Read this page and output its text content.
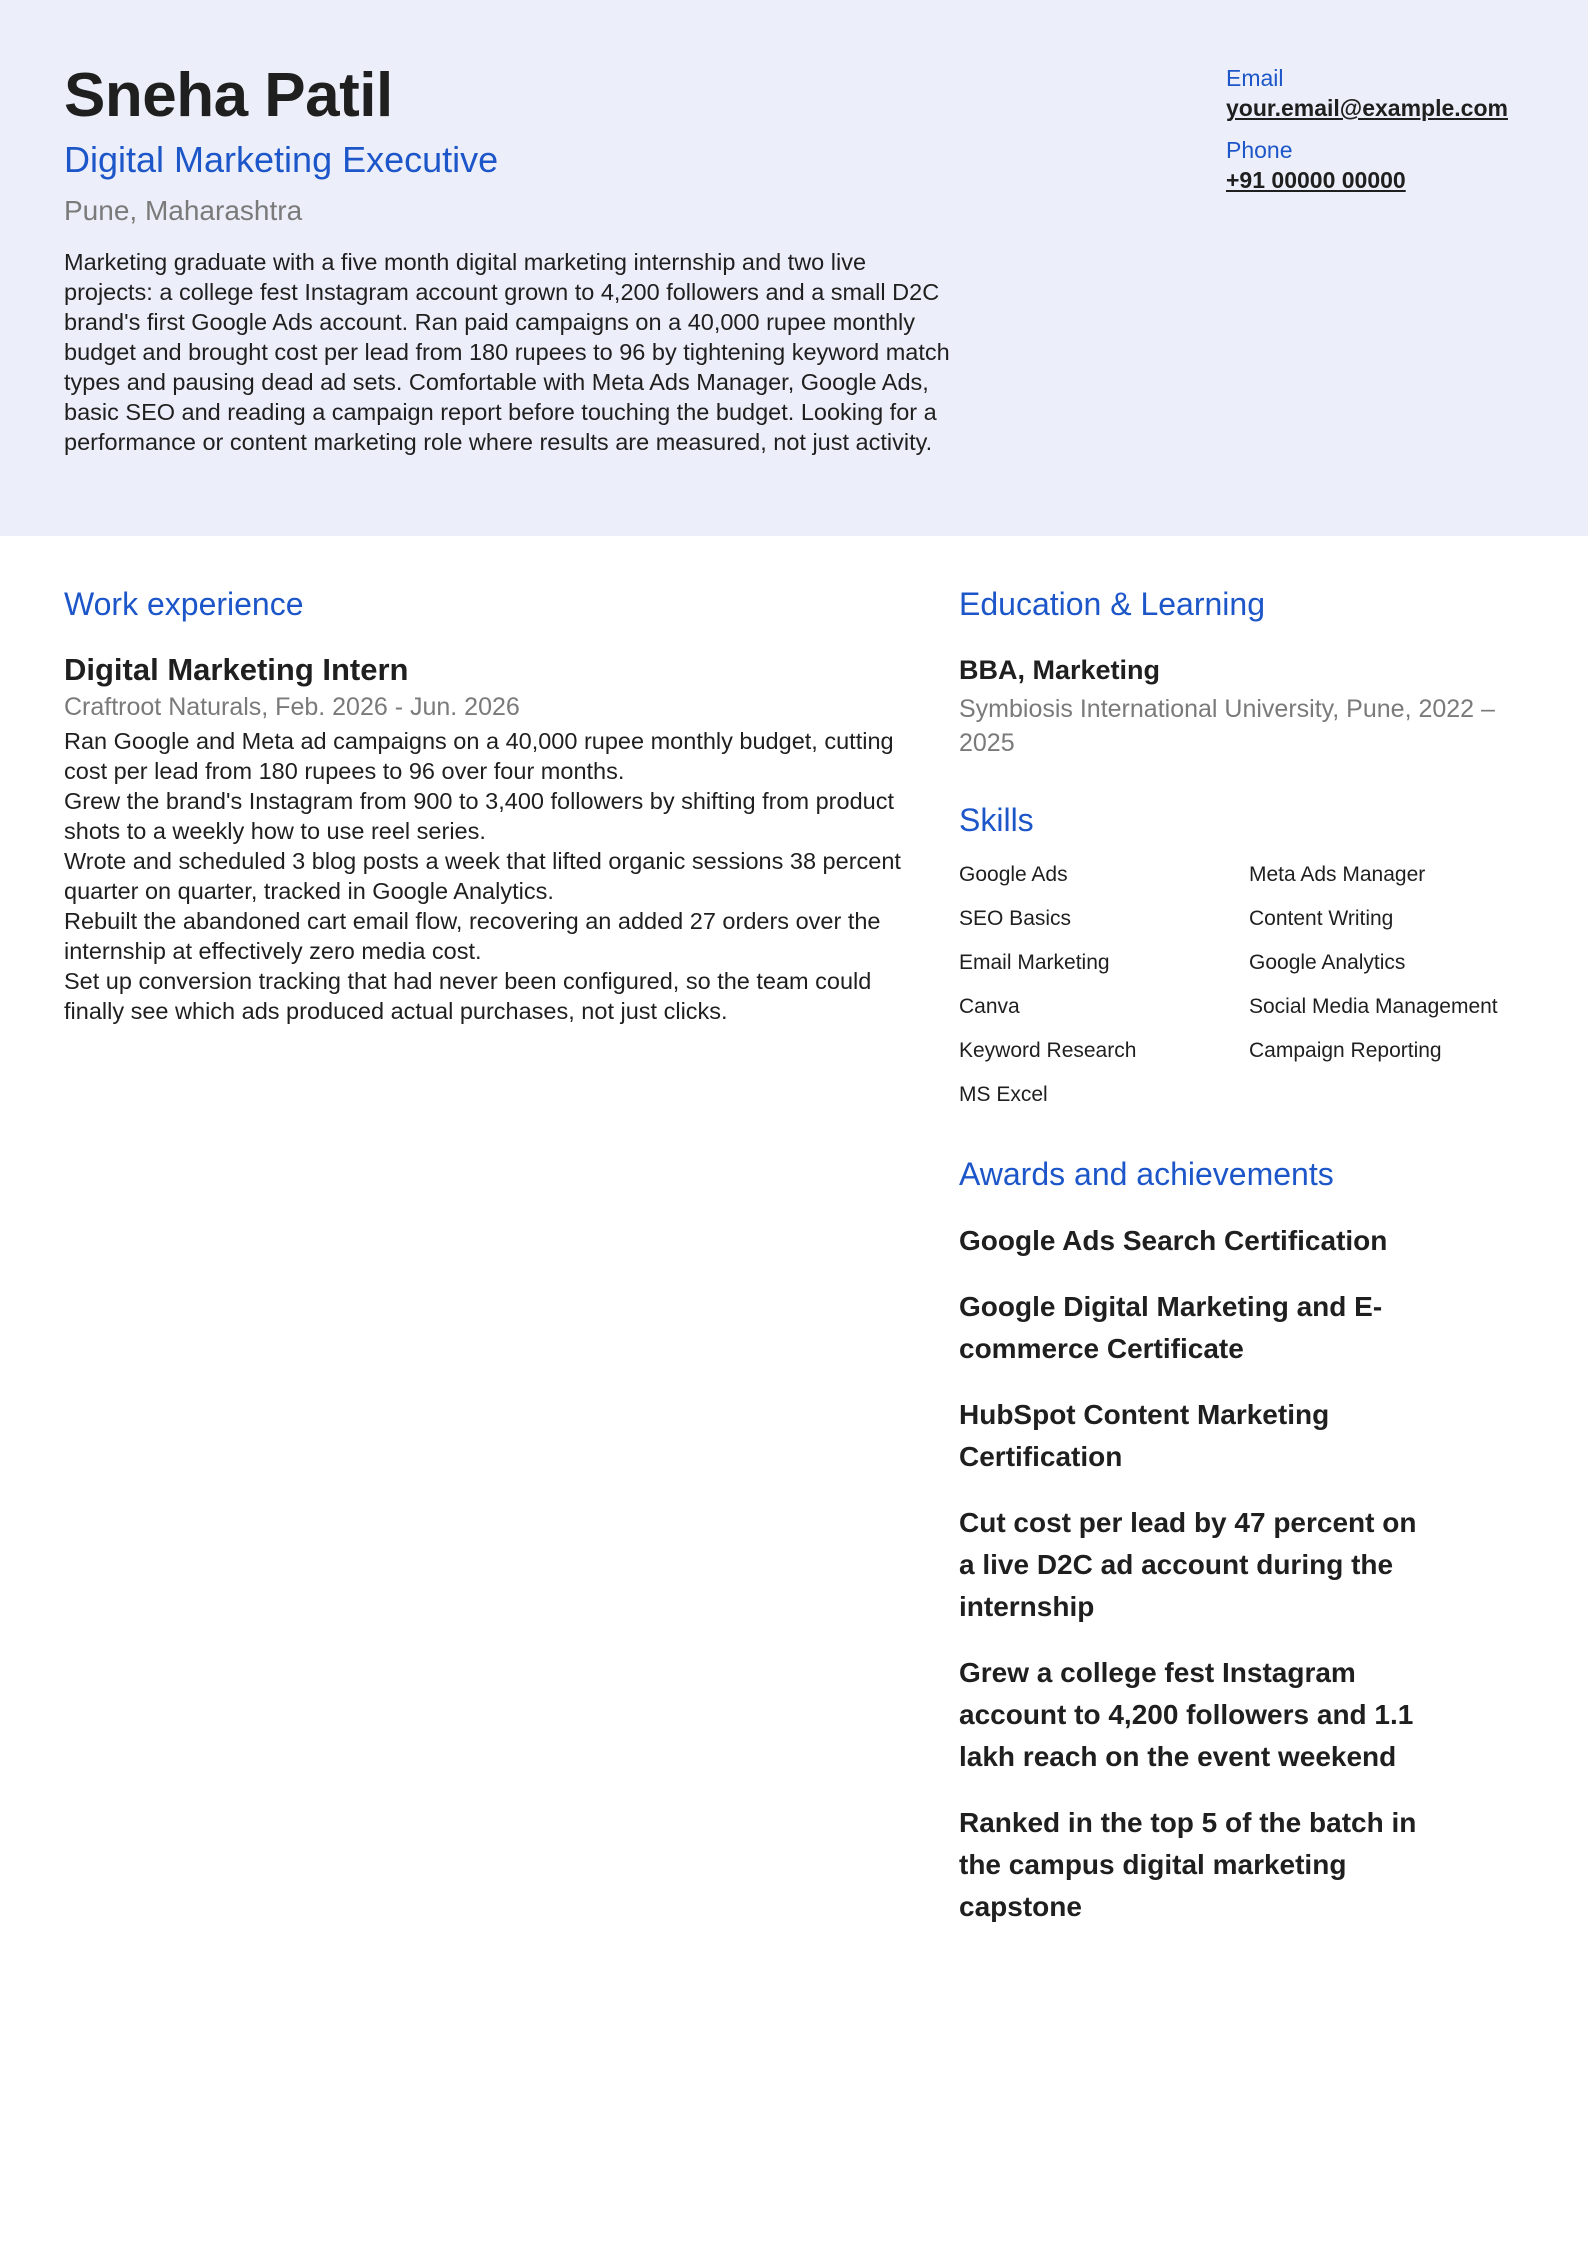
Sneha Patil
Digital Marketing Executive
Pune, Maharashtra

Marketing graduate with a five month digital marketing internship and two live projects: a college fest Instagram account grown to 4,200 followers and a small D2C brand's first Google Ads account. Ran paid campaigns on a 40,000 rupee monthly budget and brought cost per lead from 180 rupees to 96 by tightening keyword match types and pausing dead ad sets. Comfortable with Meta Ads Manager, Google Ads, basic SEO and reading a campaign report before touching the budget. Looking for a performance or content marketing role where results are measured, not just activity.

Email
your.email@example.com
Phone
+91 00000 00000
Work experience
Digital Marketing Intern
Craftroot Naturals, Feb. 2026 - Jun. 2026
Ran Google and Meta ad campaigns on a 40,000 rupee monthly budget, cutting cost per lead from 180 rupees to 96 over four months.
Grew the brand's Instagram from 900 to 3,400 followers by shifting from product shots to a weekly how to use reel series.
Wrote and scheduled 3 blog posts a week that lifted organic sessions 38 percent quarter on quarter, tracked in Google Analytics.
Rebuilt the abandoned cart email flow, recovering an added 27 orders over the internship at effectively zero media cost.
Set up conversion tracking that had never been configured, so the team could finally see which ads produced actual purchases, not just clicks.
Education & Learning
BBA, Marketing
Symbiosis International University, Pune, 2022 – 2025
Skills
Google Ads	Meta Ads Manager
SEO Basics	Content Writing
Email Marketing	Google Analytics
Canva	Social Media Management
Keyword Research	Campaign Reporting
MS Excel
Awards and achievements
Google Ads Search Certification
Google Digital Marketing and E-commerce Certificate
HubSpot Content Marketing Certification
Cut cost per lead by 47 percent on a live D2C ad account during the internship
Grew a college fest Instagram account to 4,200 followers and 1.1 lakh reach on the event weekend
Ranked in the top 5 of the batch in the campus digital marketing capstone
